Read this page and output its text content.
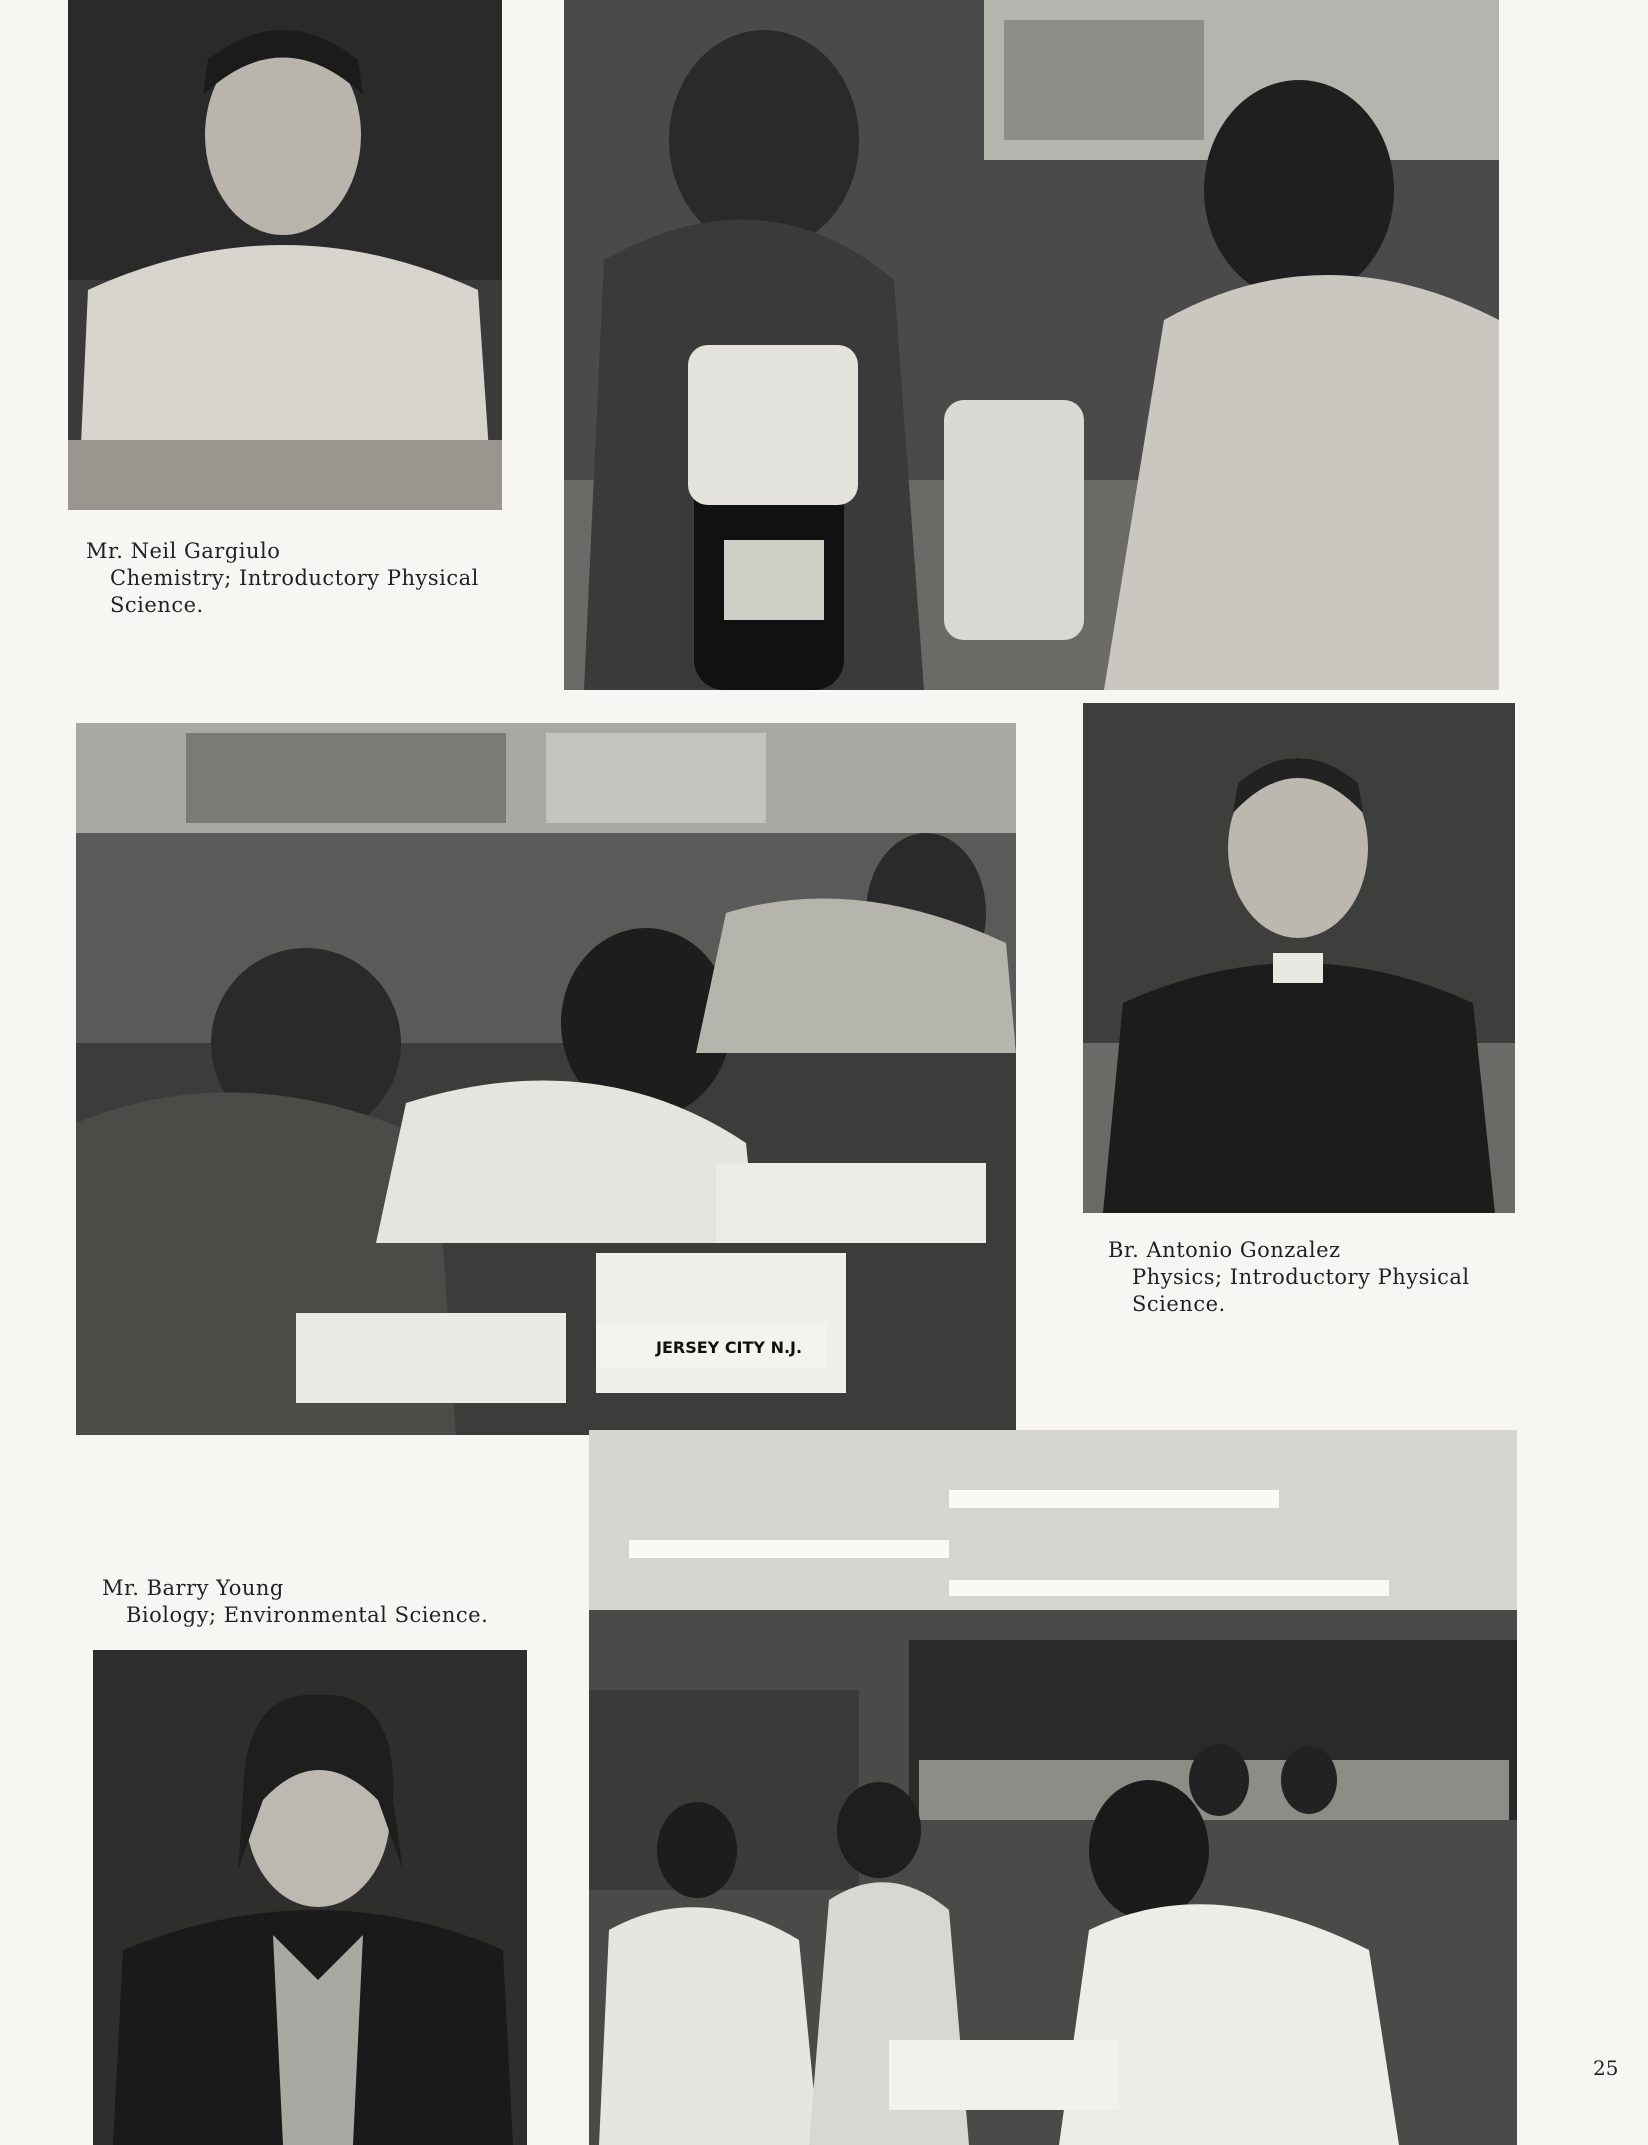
Mr. Neil Gargiulo
Chemistry; Introductory Physical
Science.
JERSEY CITY N.J.
Br. Antonio Gonzalez
Physics; Introductory Physical
Science.
Mr. Barry Young
Biology; Environmental Science.
25
